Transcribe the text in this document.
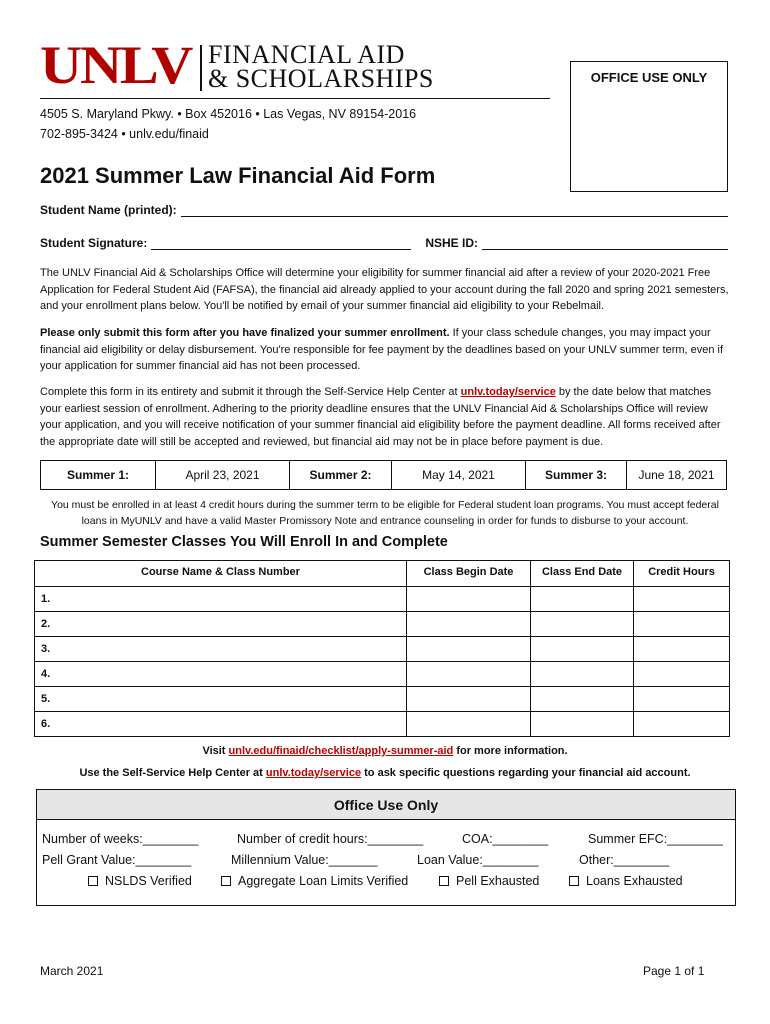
UNLV FINANCIAL AID
& SCHOLARSHIPS	OFFICE USE ONLY
4505 S. Maryland Pkwy. • Box 452016 • Las Vegas, NV 89154-2016
702-895-3424 • unlv.edu/finaid
2021 Summer Law Financial Aid Form
Student Name (printed):
Student Signature:	NSHE ID:
The UNLV Financial Aid & Scholarships Office will determine your eligibility for summer financial aid after a review of your 2020-2021 Free Application for Federal Student Aid (FAFSA), the financial aid already applied to your account during the fall 2020 and spring 2021 semesters, and your enrollment plans below. You'll be notified by email of your summer financial aid eligibility to your Rebelmail.
Please only submit this form after you have finalized your summer enrollment. If your class schedule changes, you may impact your financial aid eligibility or delay disbursement. You're responsible for fee payment by the deadlines based on your UNLV summer term, even if your application for summer financial aid has not been processed.
Complete this form in its entirety and submit it through the Self-Service Help Center at unlv.today/service by the date below that matches your earliest session of enrollment. Adhering to the priority deadline ensures that the UNLV Financial Aid & Scholarships Office will review your application, and you will receive notification of your summer financial aid eligibility before the payment deadline. All forms received after the appropriate date will still be accepted and reviewed, but financial aid may not be in place before payment is due.
Summer 1:	April 23, 2021	Summer 2:	May 14, 2021	Summer 3:	June 18, 2021
You must be enrolled in at least 4 credit hours during the summer term to be eligible for Federal student loan programs. You must accept federal loans in MyUNLV and have a valid Master Promissory Note and entrance counseling in order for funds to disburse to your account.
Summer Semester Classes You Will Enroll In and Complete
Course Name & Class Number	Class Begin Date	Class End Date	Credit Hours
1.			
2.			
3.			
4.			
5.			
6.			
Visit unlv.edu/finaid/checklist/apply-summer-aid for more information.
Use the Self-Service Help Center at unlv.today/service to ask specific questions regarding your financial aid account.
Office Use Only
Number of weeks:________	Number of credit hours:________	COA:________	Summer EFC:________
Pell Grant Value:________	Millennium Value:_______	Loan Value:________	Other:________
NSLDS Verified	Aggregate Loan Limits Verified	Pell Exhausted	Loans Exhausted
March 2021	Page 1 of 1
